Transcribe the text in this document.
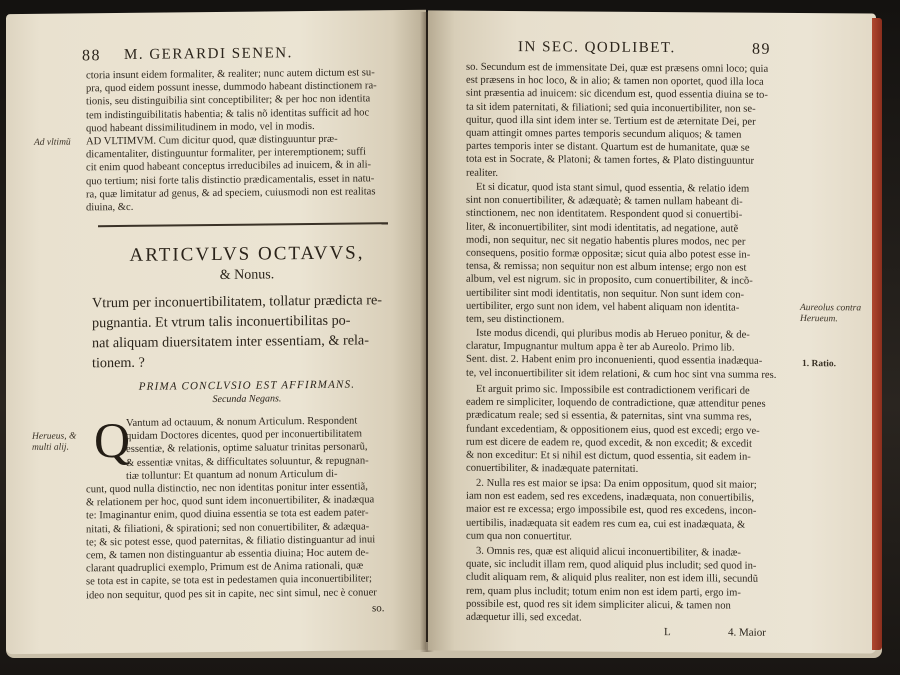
88 M. GERARDI SENEN.

ctoria insunt eidem formaliter, & realiter; nunc autem dictum est su-

pra, quod eidem possunt inesse, dummodo habeant distinctionem ra-

tionis, seu distinguibilia sint conceptibiliter; & per hoc non identita

tem indistinguibilitatis habentia; & talis nõ identitas sufficit ad hoc

quod habeant dissimilitudinem in modo, vel in modis.

Ad vltimũ	AD VLTIMVM. Cum dicitur quod, quæ distinguuntur præ-

dicamentaliter, distinguuntur formaliter, per interemptionem; suffi

cit enim quod habeant conceptus irreducibiles ad inuicem, & in ali-

quo tertium; nisi forte talis distinctio prædicamentalis, esset in natu-

ra, quæ limitatur ad genus, & ad speciem, cuiusmodi non est realitas

diuina, &c.

ARTICVLVS OCTAVVS,
& Nonus.
Vtrum per inconuertibilitatem, tollatur prædicta re-
pugnantia. Et vtrum talis inconuertibilitas po-
nat aliquam diuersitatem inter essentiam, & rela-
tionem. ?
PRIMA CONCLVSIO EST AFFIRMANS.
Secunda Negans.
Herueus, & multi alij. Q

Vantum ad octauum, & nonum Articulum. Respondent

quidam Doctores dicentes, quod per inconuertibilitatem

essentiæ, & relationis, optime saluatur trinitas personarũ,

& essentiæ vnitas, & difficultates soluuntur, & repugnan-

tiæ tolluntur: Et quantum ad nonum Articulum di-

cunt, quod nulla distinctio, nec non identitas ponitur inter essentiã,

& relationem per hoc, quod sunt idem inconuertibiliter, & inadæqua

te: Imaginantur enim, quod diuina essentia se tota est eadem pater-

nitati, & filiationi, & spirationi; sed non conuertibiliter, & adæqua-

te; & sic potest esse, quod paternitas, & filiatio distinguantur ad inui

cem, & tamen non distinguantur ab essentia diuina; Hoc autem de-

clarant quadruplici exemplo, Primum est de Anima rationali, quæ

se tota est in capite, se tota est in pedestamen quia inconuertibiliter;

ideo non sequitur, quod pes sit in capite, nec sint simul, nec è conuer

so.
IN SEC. QODLIBET.	89

so. Secundum est de immensitate Dei, quæ est præsens omni loco; quia

est præsens in hoc loco, & in alio; & tamen non oportet, quod illa loca

sint præsentia ad inuicem: sic dicendum est, quod essentia diuina se to-

ta sit idem paternitati, & filiationi; sed quia inconuertibiliter, non se-

quitur, quod illa sint idem inter se. Tertium est de æternitate Dei, per

quam attingit omnes partes temporis secundum aliquos; & tamen

partes temporis inter se distant. Quartum est de humanitate, quæ se

tota est in Socrate, & Platoni; & tamen fortes, & Plato distinguuntur

realiter.

Et si dicatur, quod ista stant simul, quod essentia, & relatio idem

sint non conuertibiliter, & adæquatè; & tamen nullam habeant di-

stinctionem, nec non identitatem. Respondent quod si conuertibi-

liter, & inconuertibiliter, sint modi identitatis, ad negatione, autẽ

modi, non sequitur, nec sit negatio habentis plures modos, nec per

consequens, positio formæ oppositæ; sicut quia albo potest esse in-

tensa, & remissa; non sequitur non est album intense; ergo non est

album, vel est nigrum. sic in proposito, cum conuertibiliter, & incõ-

uertibiliter sint modi identitatis, non sequitur. Non sunt idem con-

uertibiliter, ergo sunt non idem, vel habent aliquam non identita-

tem, seu distinctionem.

Aureolus contra Herueum.

Iste modus dicendi, qui pluribus modis ab Herueo ponitur, & de-

claratur, Impugnantur multum appa è ter ab Aureolo. Primo lib.

Sent. dist. 2. Habent enim pro inconuenienti, quod essentia inadæqua-

te, vel inconuertibiliter sit idem relationi, & cum hoc sint vna summa res.

1. Ratio.

Et arguit primo sic. Impossibile est contradictionem verificari de

eadem re simpliciter, loquendo de contradictione, quæ attenditur penes

prædicatum reale; sed si essentia, & paternitas, sint vna summa res,

fundant excedentiam, & oppositionem eius, quod est excedi; ergo ve-

rum est dicere de eadem re, quod excedit, & non excedit; & excedit

& non exceditur: Et si nihil est dictum, quod essentia, sit eadem in-

conuertibiliter, & inadæquate paternitati.

2. Nulla res est maior se ipsa: Da enim oppositum, quod sit maior;

iam non est eadem, sed res excedens, inadæquata, non conuertibilis,

maior est re excessa; ergo impossibile est, quod res excedens, incon-

uertibilis, inadæquata sit eadem res cum ea, cui est inadæquata, &

cum qua non conuertitur.

3. Omnis res, quæ est aliquid alicui inconuertibiliter, & inadæ-

quate, sic includit illam rem, quod aliquid plus includit; sed quod in-

cludit aliquam rem, & aliquid plus realiter, non est idem illi, secundũ

rem, quam plus includit; totum enim non est idem parti, ergo im-

possibile est, quod res sit idem simpliciter alicui, & tamen non

adæquetur illi, sed excedat.

L	4. Maior
